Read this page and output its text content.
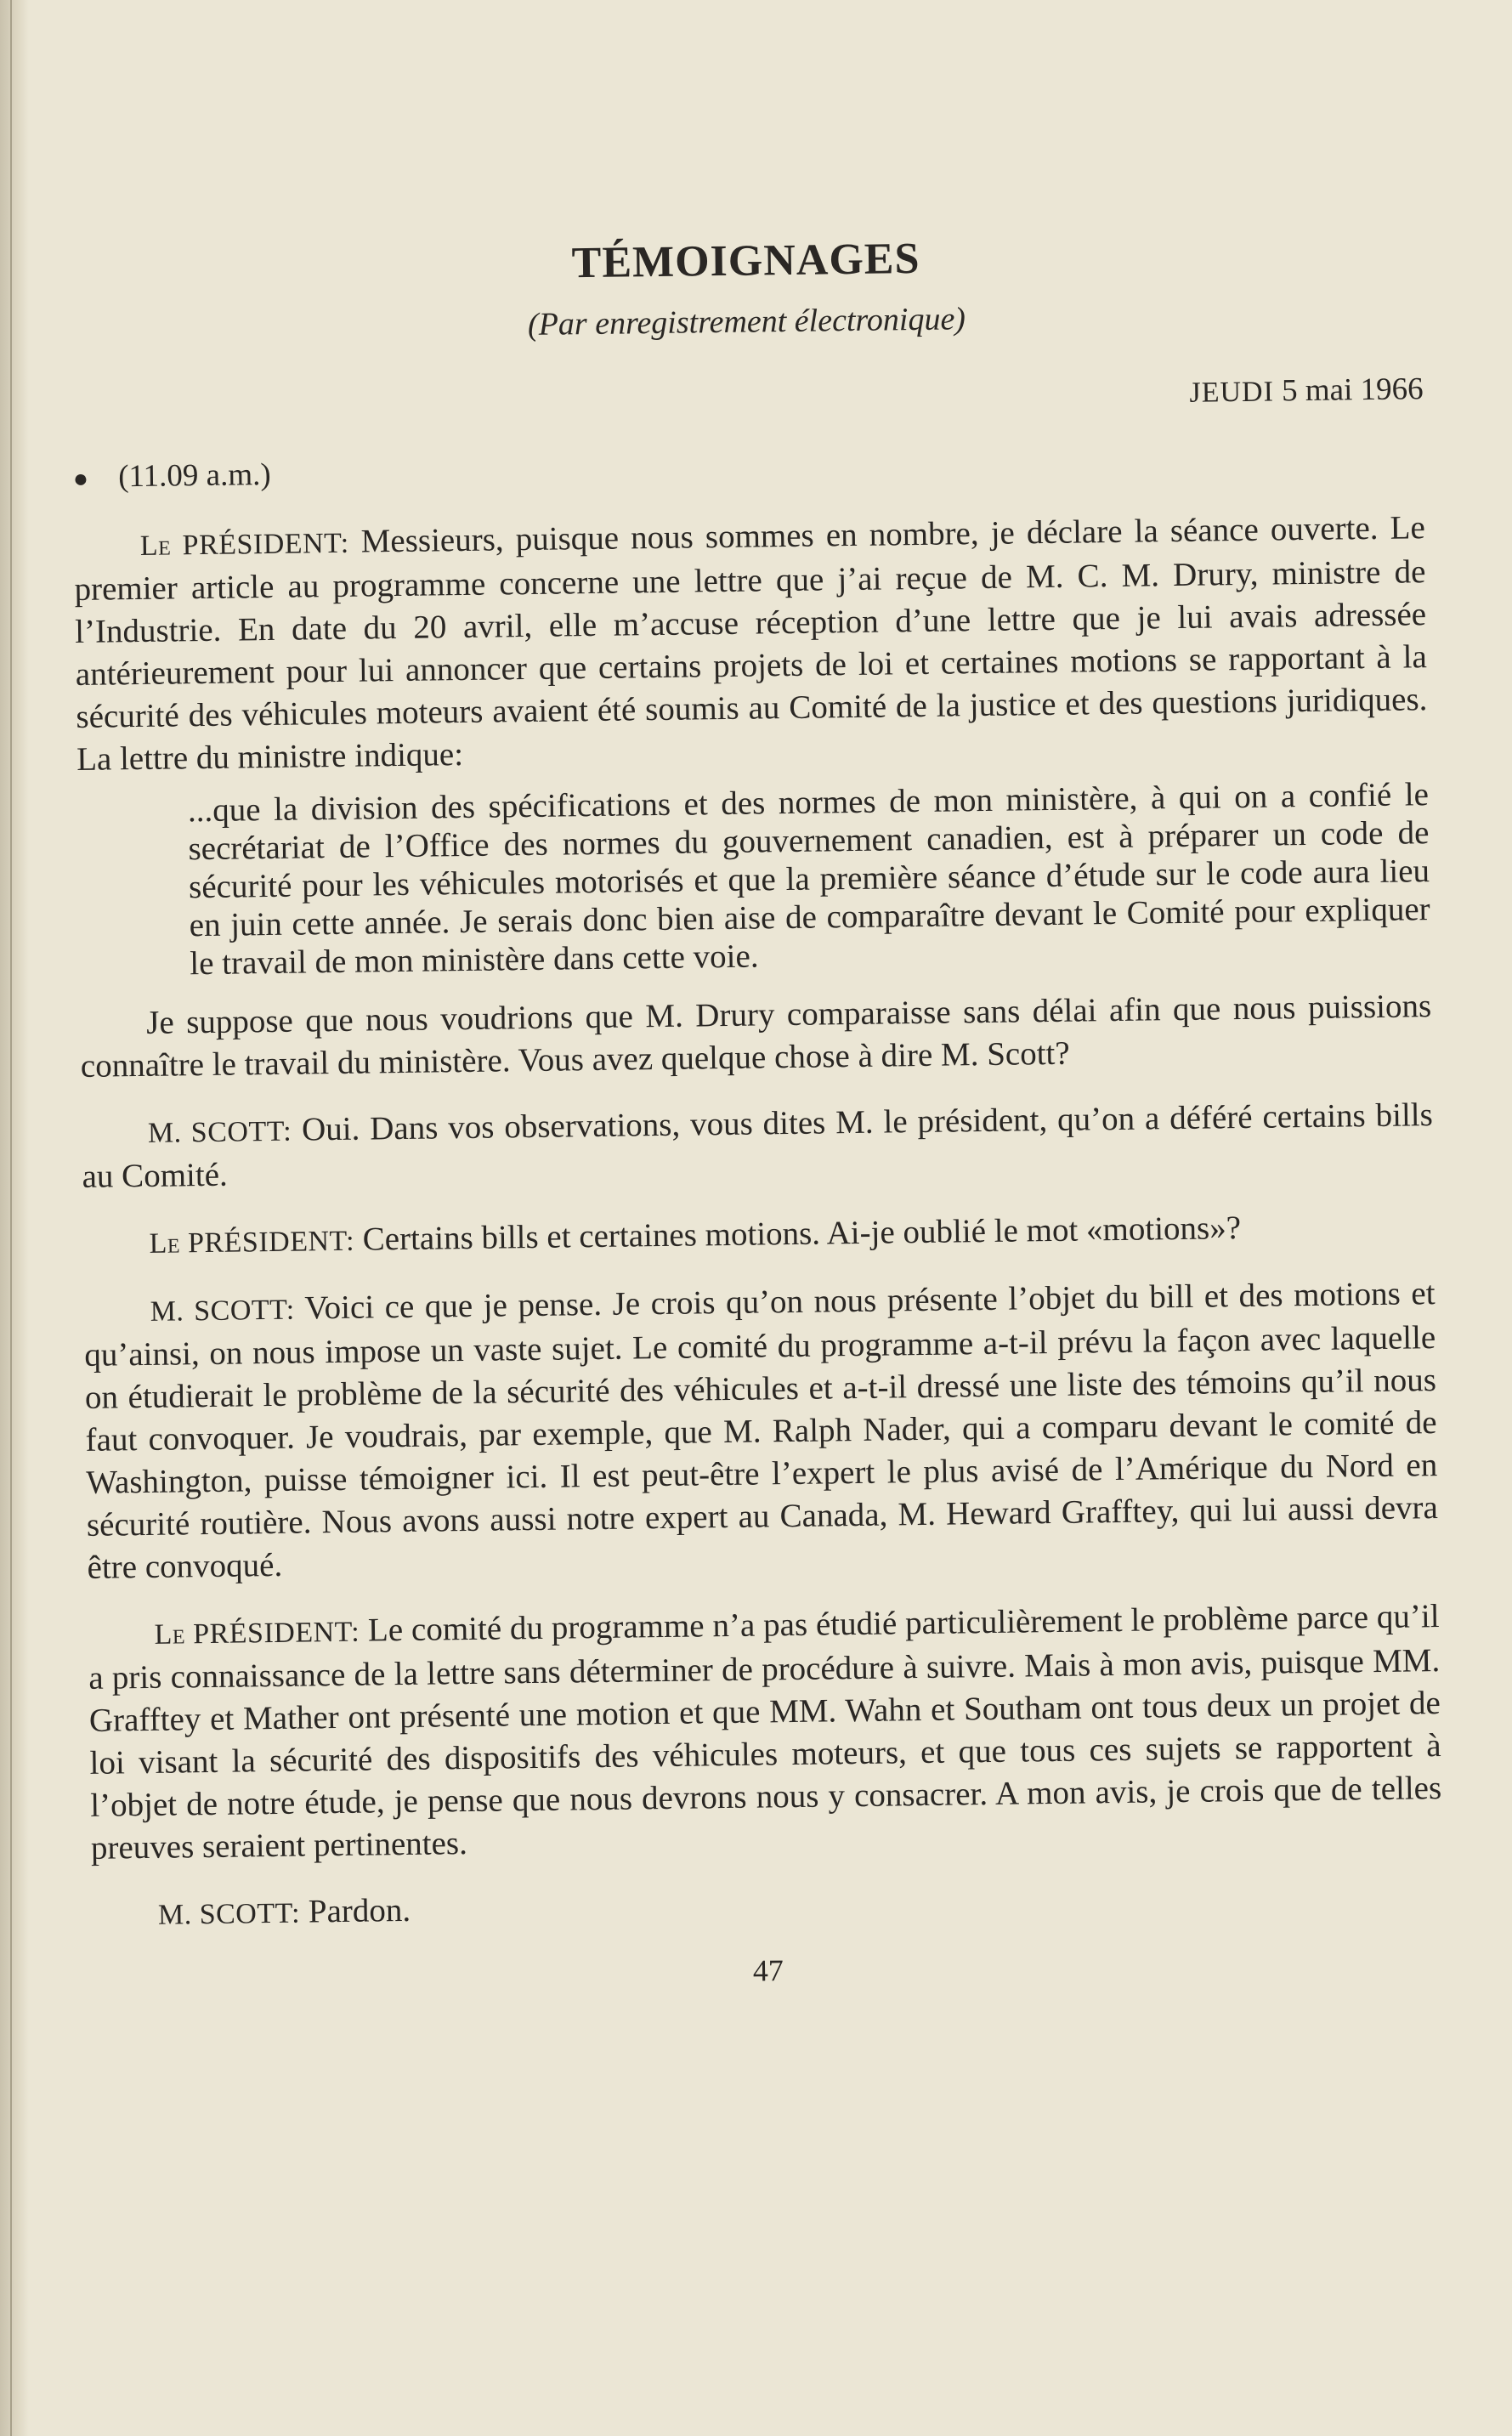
TÉMOIGNAGES
(Par enregistrement électronique)
JEUDI 5 mai 1966
● (11.09 a.m.)

Le PRÉSIDENT: Messieurs, puisque nous sommes en nombre, je déclare la séance ouverte. Le premier article au programme concerne une lettre que j’ai reçue de M. C. M. Drury, ministre de l’Industrie. En date du 20 avril, elle m’accuse réception d’une lettre que je lui avais adressée antérieurement pour lui annoncer que certains projets de loi et certaines motions se rapportant à la sécurité des véhicules moteurs avaient été soumis au Comité de la justice et des questions juridiques. La lettre du ministre indique:

...que la division des spécifications et des normes de mon ministère, à qui on a confié le secrétariat de l’Office des normes du gouvernement canadien, est à préparer un code de sécurité pour les véhicules motorisés et que la première séance d’étude sur le code aura lieu en juin cette année. Je serais donc bien aise de comparaître devant le Comité pour expliquer le travail de mon ministère dans cette voie.

Je suppose que nous voudrions que M. Drury comparaisse sans délai afin que nous puissions connaître le travail du ministère. Vous avez quelque chose à dire M. Scott?

M. SCOTT: Oui. Dans vos observations, vous dites M. le président, qu’on a déféré certains bills au Comité.

Le PRÉSIDENT: Certains bills et certaines motions. Ai-je oublié le mot «motions»?

M. SCOTT: Voici ce que je pense. Je crois qu’on nous présente l’objet du bill et des motions et qu’ainsi, on nous impose un vaste sujet. Le comité du programme a-t-il prévu la façon avec laquelle on étudierait le problème de la sécurité des véhicules et a-t-il dressé une liste des témoins qu’il nous faut convoquer. Je voudrais, par exemple, que M. Ralph Nader, qui a comparu devant le comité de Washington, puisse témoigner ici. Il est peut-être l’expert le plus avisé de l’Amérique du Nord en sécurité routière. Nous avons aussi notre expert au Canada, M. Heward Grafftey, qui lui aussi devra être convoqué.

Le PRÉSIDENT: Le comité du programme n’a pas étudié particulièrement le problème parce qu’il a pris connaissance de la lettre sans déterminer de procédure à suivre. Mais à mon avis, puisque MM. Grafftey et Mather ont présenté une motion et que MM. Wahn et Southam ont tous deux un projet de loi visant la sécurité des dispositifs des véhicules moteurs, et que tous ces sujets se rapportent à l’objet de notre étude, je pense que nous devrons nous y consacrer. A mon avis, je crois que de telles preuves seraient pertinentes.

M. SCOTT: Pardon.

47
